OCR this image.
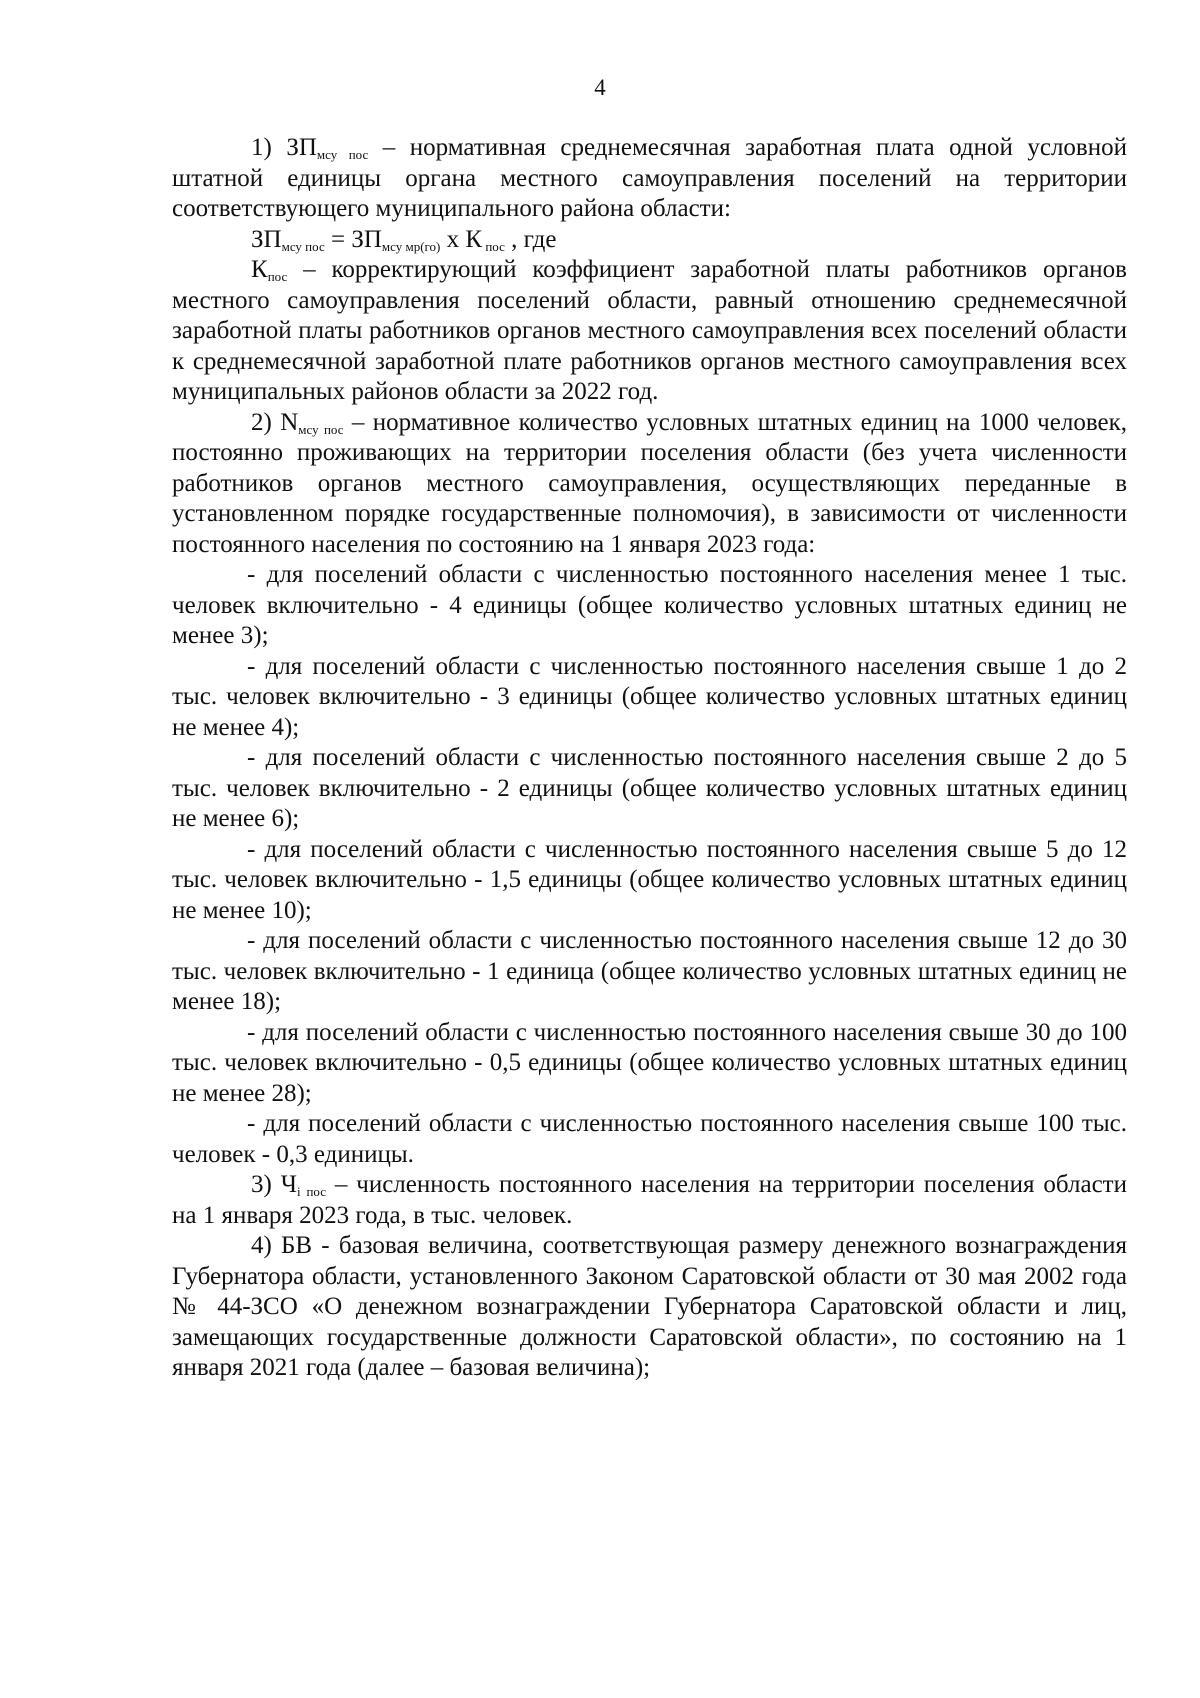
4

1) $ЗП_{мсу пос}$ – нормативная среднемесячная заработная плата одной условной штатной единицы органа местного самоуправления поселений на территории соответствующего муниципального района области:

$ЗП_{мсу пос} = ЗП_{мсу мр(го)}$ х К $_{пос}$ , где

$К_{пос}$ – корректирующий коэффициент заработной платы работников органов местного самоуправления поселений области, равный отношению среднемесячной заработной платы работников органов местного самоуправления всех поселений области к среднемесячной заработной плате работников органов местного самоуправления всех муниципальных районов области за 2022 год.

2) $N_{мсу пос}$ – нормативное количество условных штатных единиц на 1000 человек, постоянно проживающих на территории поселения области (без учета численности работников органов местного самоуправления, осуществляющих переданные в установленном порядке государственные полномочия), в зависимости от численности постоянного населения по состоянию на 1 января 2023 года:

- для поселений области с численностью постоянного населения менее 1 тыс. человек включительно - 4 единицы (общее количество условных штатных единиц не менее 3);

- для поселений области с численностью постоянного населения свыше 1 до 2 тыс. человек включительно - 3 единицы (общее количество условных штатных единиц не менее 4);

- для поселений области с численностью постоянного населения свыше 2 до 5 тыс. человек включительно - 2 единицы (общее количество условных штатных единиц не менее 6);

- для поселений области с численностью постоянного населения свыше 5 до 12 тыс. человек включительно - 1,5 единицы (общее количество условных штатных единиц не менее 10);

- для поселений области с численностью постоянного населения свыше 12 до 30 тыс. человек включительно - 1 единица (общее количество условных штатных единиц не менее 18);

- для поселений области с численностью постоянного населения свыше 30 до 100 тыс. человек включительно - 0,5 единицы (общее количество условных штатных единиц не менее 28);

- для поселений области с численностью постоянного населения свыше 100 тыс. человек - 0,3 единицы.

3) $Ч_{i пос}$ – численность постоянного населения на территории поселения области на 1 января 2023 года, в тыс. человек.

4) БВ - базовая величина, соответствующая размеру денежного вознаграждения Губернатора области, установленного Законом Саратовской области от 30 мая 2002 года № 44-ЗСО «О денежном вознаграждении Губернатора Саратовской области и лиц, замещающих государственные должности Саратовской области», по состоянию на 1 января 2021 года (далее – базовая величина);
